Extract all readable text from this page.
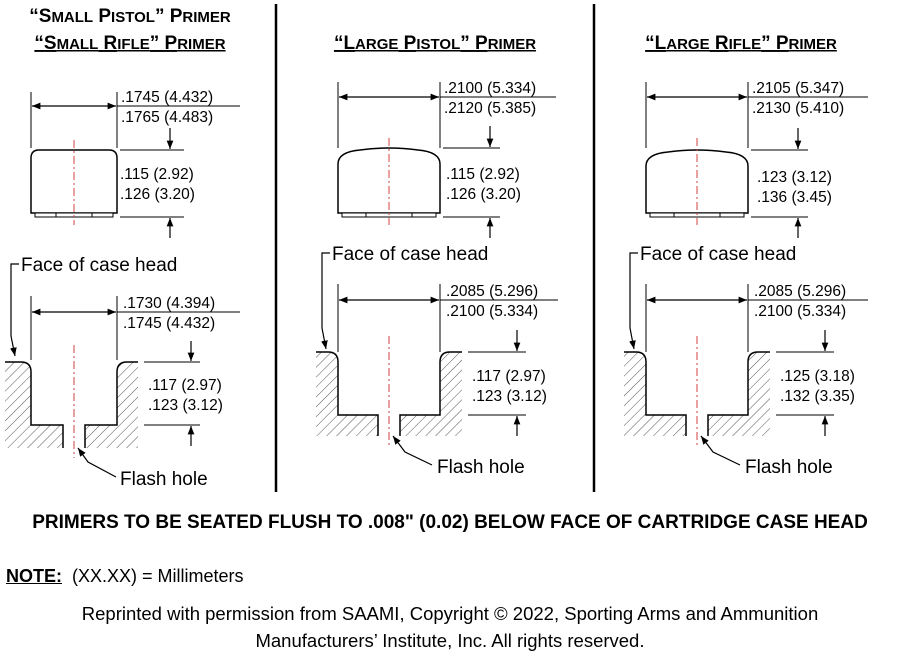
“SMALL PISTOL” PRIMER
“SMALL RIFLE” PRIMER
.1745 (4.432)
.1765 (4.483)
.115 (2.92)
.126 (3.20)
Face of case head
.1730 (4.394)
.1745 (4.432)
.117 (2.97)
.123 (3.12)
Flash hole
“LARGE PISTOL” PRIMER
.2100 (5.334)
.2120 (5.385)
.115 (2.92)
.126 (3.20)
Face of case head
.2085 (5.296)
.2100 (5.334)
.117 (2.97)
.123 (3.12)
Flash hole
“LARGE RIFLE” PRIMER
.2105 (5.347)
.2130 (5.410)
.123 (3.12)
.136 (3.45)
Face of case head
.2085 (5.296)
.2100 (5.334)
.125 (3.18)
.132 (3.35)
Flash hole
PRIMERS TO BE SEATED FLUSH TO .008" (0.02) BELOW FACE OF CARTRIDGE CASE HEAD
NOTE: (XX.XX) = Millimeters
Reprinted with permission from SAAMI, Copyright © 2022, Sporting Arms and Ammunition Manufacturers’ Institute, Inc. All rights reserved.
